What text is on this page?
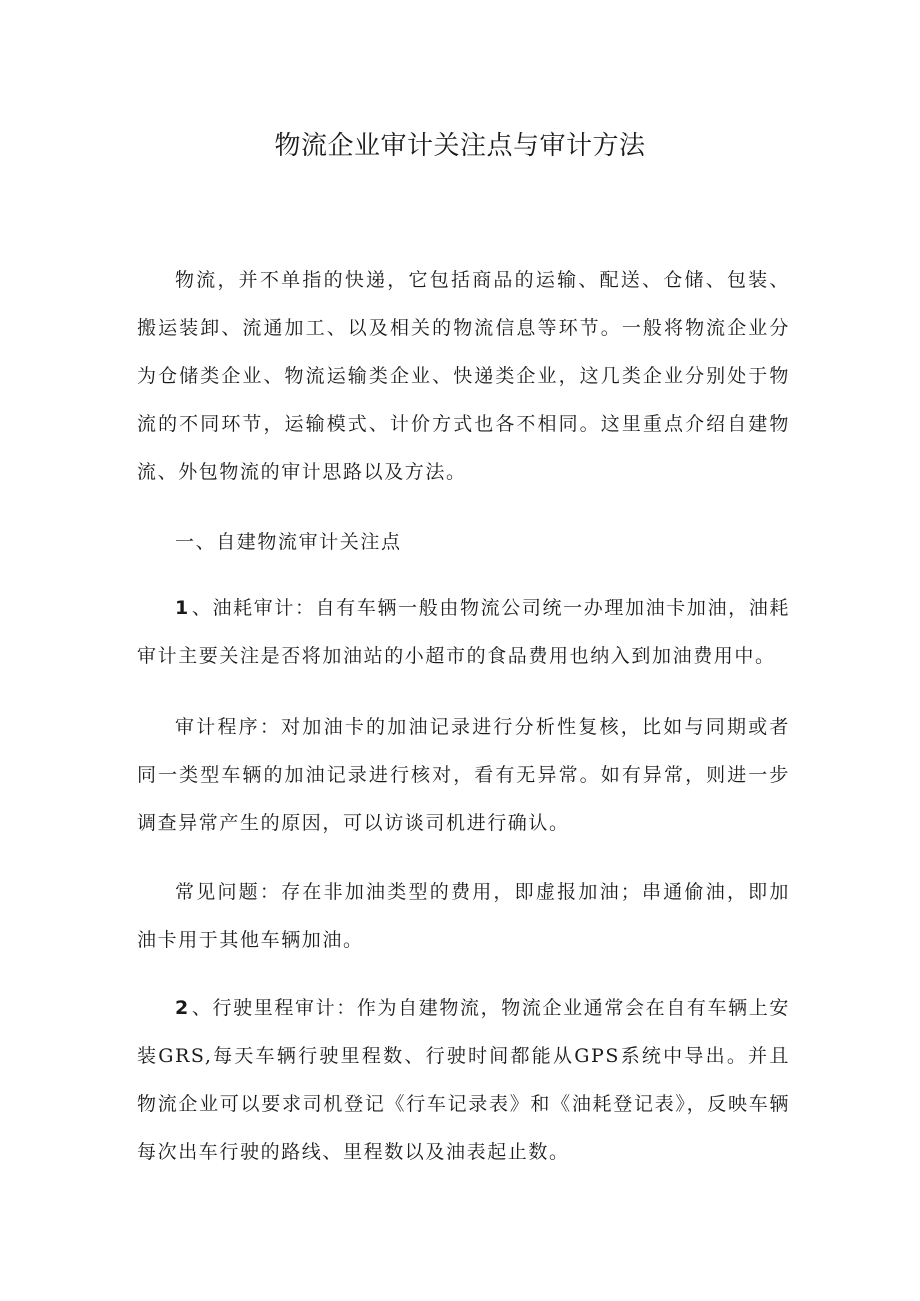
物流企业审计关注点与审计方法

物流，并不单指的快递，它包括商品的运输、配送、仓储、包装、搬运装卸、流通加工、以及相关的物流信息等环节。一般将物流企业分为仓储类企业、物流运输类企业、快递类企业，这几类企业分别处于物流的不同环节，运输模式、计价方式也各不相同。这里重点介绍自建物流、外包物流的审计思路以及方法。

一、自建物流审计关注点

1 、油耗审计：自有车辆一般由物流公司统一办理加油卡加油，油耗审计主要关注是否将加油站的小超市的食品费用也纳入到加油费用中。

审计程序：对加油卡的加油记录进行分析性复核，比如与同期或者同一类型车辆的加油记录进行核对，看有无异常。如有异常，则进一步调查异常产生的原因，可以访谈司机进行确认。

常见问题：存在非加油类型的费用，即虚报加油；串通偷油，即加油卡用于其他车辆加油。

2 、行驶里程审计：作为自建物流，物流企业通常会在自有车辆上安装GRS,每天车辆行驶里程数、行驶时间都能从GPS系统中导出。并且物流企业可以要求司机登记《行车记录表》和《油耗登记表》，反映车辆每次出车行驶的路线、里程数以及油表起止数。
